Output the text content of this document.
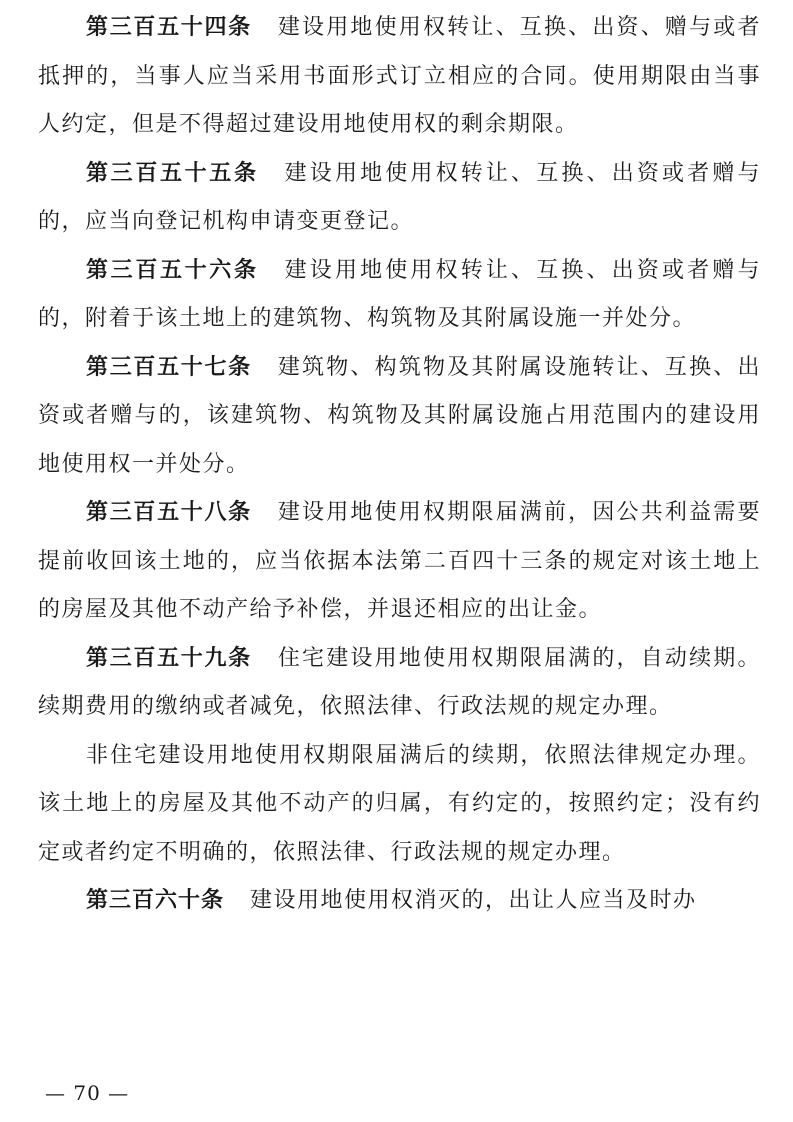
第三百五十四条 建设用地使用权转让、互换、出资、赠与或者抵押的，当事人应当采用书面形式订立相应的合同。使用期限由当事人约定，但是不得超过建设用地使用权的剩余期限。

第三百五十五条 建设用地使用权转让、互换、出资或者赠与的，应当向登记机构申请变更登记。

第三百五十六条 建设用地使用权转让、互换、出资或者赠与的，附着于该土地上的建筑物、构筑物及其附属设施一并处分。

第三百五十七条 建筑物、构筑物及其附属设施转让、互换、出资或者赠与的，该建筑物、构筑物及其附属设施占用范围内的建设用地使用权一并处分。

第三百五十八条 建设用地使用权期限届满前，因公共利益需要提前收回该土地的，应当依据本法第二百四十三条的规定对该土地上的房屋及其他不动产给予补偿，并退还相应的出让金。

第三百五十九条 住宅建设用地使用权期限届满的，自动续期。续期费用的缴纳或者减免，依照法律、行政法规的规定办理。

非住宅建设用地使用权期限届满后的续期，依照法律规定办理。该土地上的房屋及其他不动产的归属，有约定的，按照约定；没有约定或者约定不明确的，依照法律、行政法规的规定办理。

第三百六十条 建设用地使用权消灭的，出让人应当及时办

— 70 —
